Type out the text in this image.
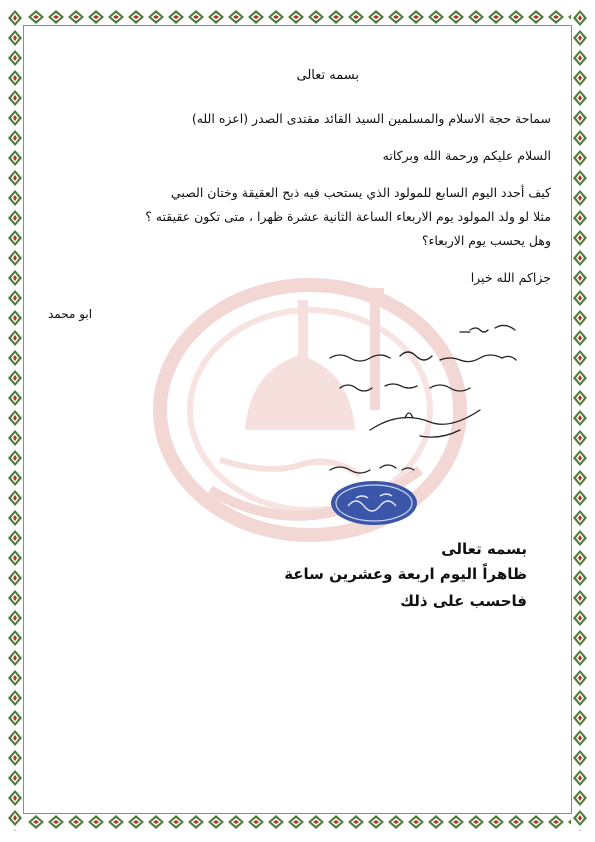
بسمه تعالى
سماحة حجة الاسلام والمسلمين السيد القائد مقتدى الصدر (اعزه الله)
السلام عليكم ورحمة الله وبركاته
كيف أحدد اليوم السابع للمولود الذي يستحب فيه ذبح العقيقة وختان الصبي
مثلا لو ولد المولود يوم الاربعاء الساعة الثانية عشرة ظهرا ، متى تكون عقيقته ؟
وهل يحسب يوم الاربعاء؟
جزاكم الله خيرا
ابو محمد
بسمه تعالى
ظاهراً اليوم اربعة وعشرين ساعة
فاحسب على ذلك
